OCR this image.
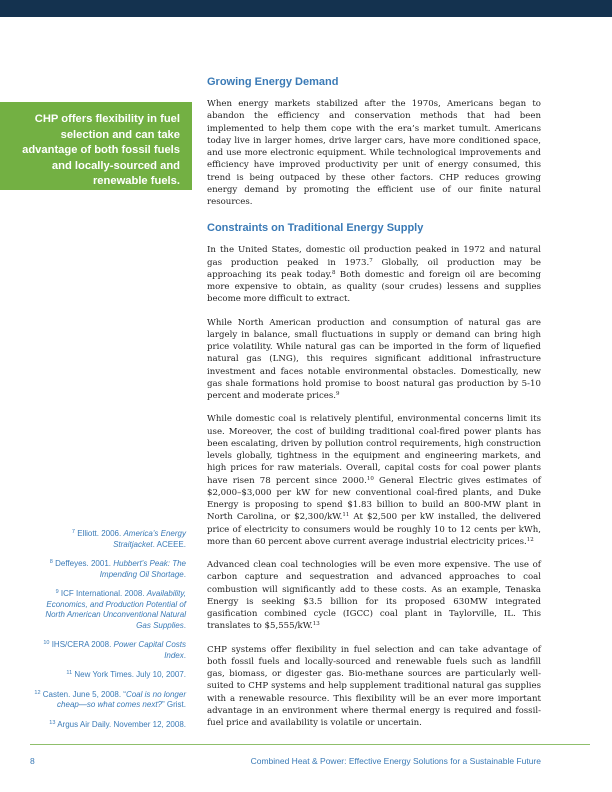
CHP offers flexibility in fuel selection and can take advantage of both fossil fuels and locally-sourced and renewable fuels.

Growing Energy Demand

When energy markets stabilized after the 1970s, Americans began to abandon the efficiency and conservation methods that had been implemented to help them cope with the era’s market tumult. Americans today live in larger homes, drive larger cars, have more conditioned space, and use more electronic equipment. While technological improvements and efficiency have improved productivity per unit of energy consumed, this trend is being outpaced by these other factors. CHP reduces growing energy demand by promoting the efficient use of our finite natural resources.

Constraints on Traditional Energy Supply

In the United States, domestic oil production peaked in 1972 and natural gas production peaked in 1973.$^7$ Globally, oil production may be approaching its peak today.$^8$ Both domestic and foreign oil are becoming more expensive to obtain, as quality (sour crudes) lessens and supplies become more difficult to extract.

While North American production and consumption of natural gas are largely in balance, small fluctuations in supply or demand can bring high price volatility. While natural gas can be imported in the form of liquefied natural gas (LNG), this requires significant additional infrastructure investment and faces notable environmental obstacles. Domestically, new gas shale formations hold promise to boost natural gas production by 5-10 percent and moderate prices.$^9$

While domestic coal is relatively plentiful, environmental concerns limit its use. Moreover, the cost of building traditional coal-fired power plants has been escalating, driven by pollution control requirements, high construction levels globally, tightness in the equipment and engineering markets, and high prices for raw materials. Overall, capital costs for coal power plants have risen 78 percent since 2000.10 General Electric gives estimates of $2,000–$3,000 per kW for new conventional coal-fired plants, and Duke Energy is proposing to spend $1.83 billion to build an 800-MW plant in North Carolina, or $2,300/kW.$^{11}$ At $2,500 per kW installed, the delivered price of electricity to consumers would be roughly 10 to 12 cents per kWh, more than 60 percent above current average industrial electricity prices.$^{12}$

Advanced clean coal technologies will be even more expensive. The use of carbon capture and sequestration and advanced approaches to coal combustion will significantly add to these costs. As an example, Tenaska Energy is seeking $3.5 billion for its proposed 630MW integrated gasification combined cycle (IGCC) coal plant in Taylorville, IL. This translates to $5,555/kW.$^{13}$

CHP systems offer flexibility in fuel selection and can take advantage of both fossil fuels and locally-sourced and renewable fuels such as landfill gas, biomass, or digester gas. Bio-methane sources are particularly well-suited to CHP systems and help supplement traditional natural gas supplies with a renewable resource. This flexibility will be an ever more important advantage in an environment where thermal energy is required and fossil-fuel price and availability is volatile or uncertain.

$^7$ Elliott. 2006. America’s Energy Straitjacket. ACEEE.

$^8$ Deffeyes. 2001. Hubbert’s Peak: The Impending Oil Shortage.

$^9$ ICF International. 2008. Availability, Economics, and Production Potential of North American Unconventional Natural Gas Supplies.

$^{10}$ IHS/CERA 2008. Power Capital Costs Index.

$^{11}$ New York Times. July 10, 2007.

$^{12}$ Casten. June 5, 2008. “Coal is no longer cheap—so what comes next?” Grist.

$^{13}$ Argus Air Daily. November 12, 2008.

8	Combined Heat & Power: Effective Energy Solutions for a Sustainable Future
